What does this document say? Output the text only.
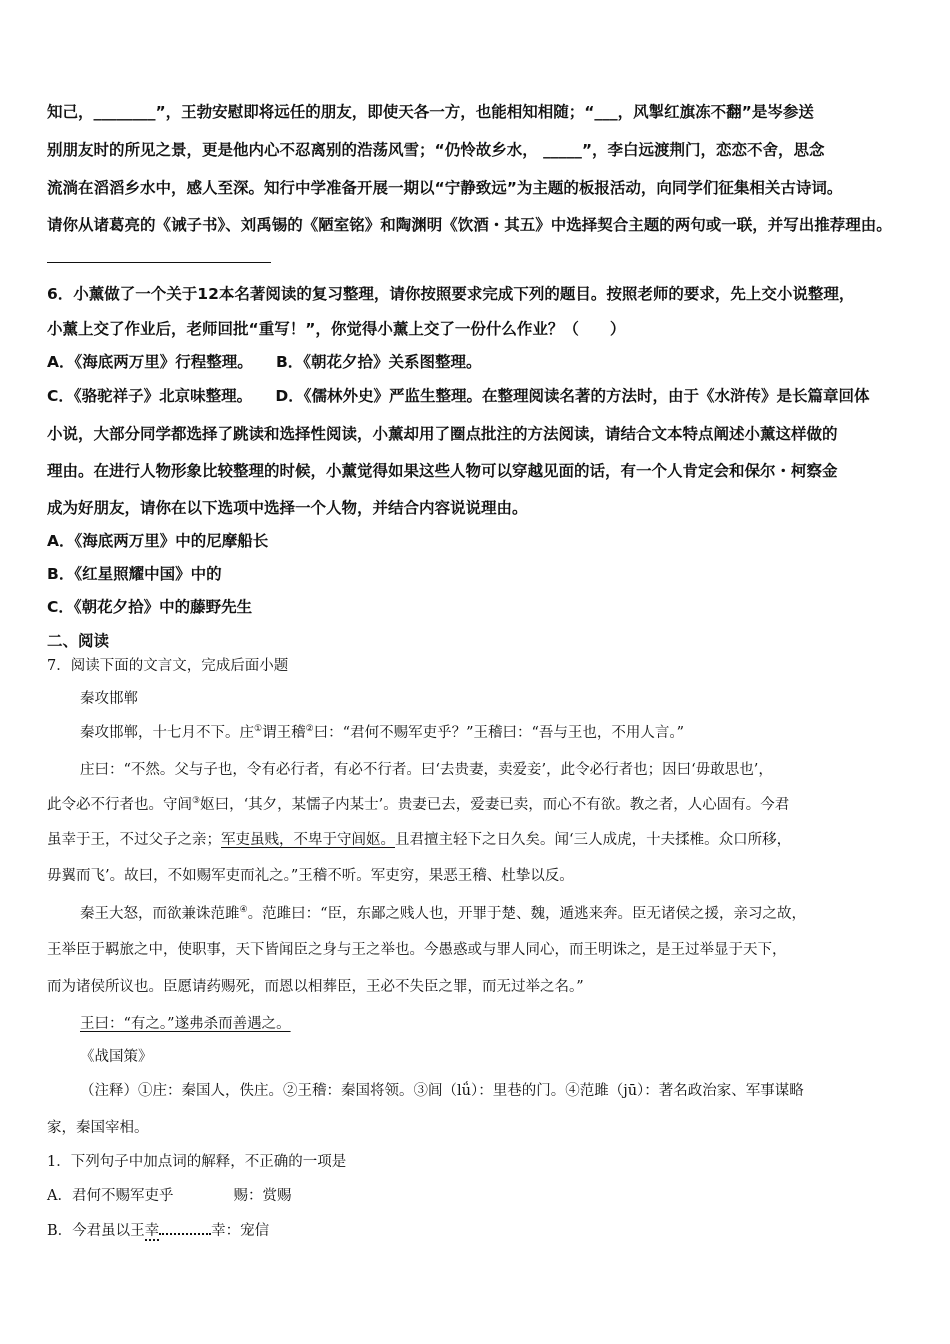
知己，________”，王勃安慰即将远任的朋友，即使天各一方，也能相知相随；“___，风掣红旗冻不翻”是岑参送
别朋友时的所见之景，更是他内心不忍离别的浩荡风雪；“仍怜故乡水， _____”，李白远渡荆门，恋恋不舍，思念
流淌在滔滔乡水中，感人至深。知行中学准备开展一期以“宁静致远”为主题的板报活动，向同学们征集相关古诗词。
请你从诸葛亮的《诫子书》、刘禹锡的《陋室铭》和陶渊明《饮酒・其五》中选择契合主题的两句或一联，并写出推荐理由。
6．小薰做了一个关于12本名著阅读的复习整理，请你按照要求完成下列的题目。按照老师的要求，先上交小说整理，
小薰上交了作业后，老师回批“重写！”，你觉得小薰上交了一份什么作业？（　　）
A．《海底两万里》行程整理。　　B．《朝花夕拾》关系图整理。
C．《骆驼祥子》北京味整理。　　D．《儒林外史》严监生整理。在整理阅读名著的方法时，由于《水浒传》是长篇章回体
小说，大部分同学都选择了跳读和选择性阅读，小薰却用了圈点批注的方法阅读，请结合文本特点阐述小薰这样做的
理由。在进行人物形象比较整理的时候，小薰觉得如果这些人物可以穿越见面的话，有一个人肯定会和保尔・柯察金
成为好朋友，请你在以下选项中选择一个人物，并结合内容说说理由。
A．《海底两万里》中的尼摩船长
B．《红星照耀中国》中的
C．《朝花夕拾》中的藤野先生
二、阅读
7．阅读下面的文言文，完成后面小题
秦攻邯郸
秦攻邯郸，十七月不下。庄①谓王稽②曰：“君何不赐军吏乎？”王稽曰：“吾与王也，不用人言。”
庄曰：“不然。父与子也，令有必行者，有必不行者。曰‘去贵妻，卖爱妾’，此令必行者也；因曰‘毋敢思也’，
此令必不行者也。守闾③妪曰，‘其夕，某懦子内某士’。贵妻已去，爱妻已卖，而心不有欲。教之者，人心固有。今君
虽幸于王，不过父子之亲；军吏虽贱，不卑于守闾妪。且君擅主轻下之日久矣。闻‘三人成虎，十夫揉椎。众口所移，
毋翼而飞’。故曰，不如赐军吏而礼之。”王稽不听。军吏穷，果恶王稽、杜挚以反。
秦王大怒，而欲兼诛范雎④。范雎曰：“臣，东鄙之贱人也，开罪于楚、魏，遁逃来奔。臣无诸侯之援，亲习之故，
王举臣于羁旅之中，使职事，天下皆闻臣之身与王之举也。今愚惑或与罪人同心，而王明诛之，是王过举显于天下，
而为诸侯所议也。臣愿请药赐死，而恩以相葬臣，王必不失臣之罪，而无过举之名。”
王曰：“有之。”遂弗杀而善遇之。
《战国策》
（注释）①庄：秦国人，佚庄。②王稽：秦国将领。③闾（lǘ）：里巷的门。④范雎（jū）：著名政治家、军事谋略
家，秦国宰相。
1．下列句子中加点词的解释，不正确的一项是
A．君何不赐军吏乎	赐：赏赐
B．今君虽以王幸	幸：宠信
